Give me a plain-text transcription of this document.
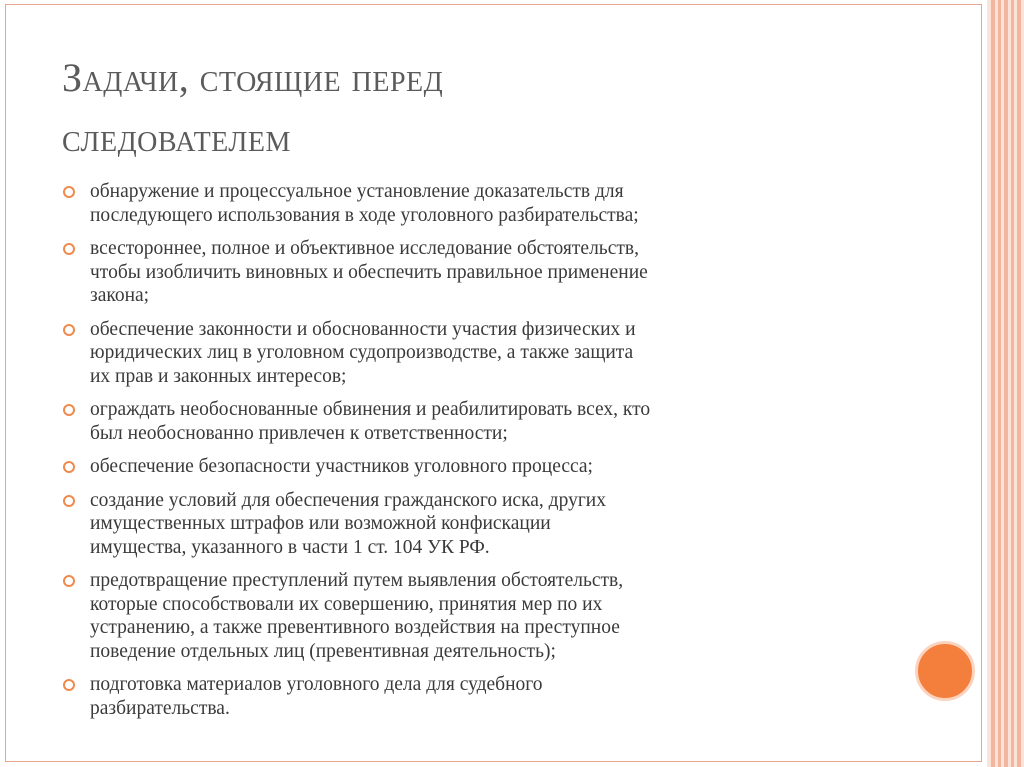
Задачи, стоящие перед
следователем
обнаружение и процессуальное установление доказательств для
последующего использования в ходе уголовного разбирательства;
всестороннее, полное и объективное исследование обстоятельств,
чтобы изобличить виновных и обеспечить правильное применение
закона;
обеспечение законности и обоснованности участия физических и
юридических лиц в уголовном судопроизводстве, а также защита
их прав и законных интересов;
ограждать необоснованные обвинения и реабилитировать всех, кто
был необоснованно привлечен к ответственности;
обеспечение безопасности участников уголовного процесса;
создание условий для обеспечения гражданского иска, других
имущественных штрафов или возможной конфискации
имущества, указанного в части 1 ст. 104 УК РФ.
предотвращение преступлений путем выявления обстоятельств,
которые способствовали их совершению, принятия мер по их
устранению, а также превентивного воздействия на преступное
поведение отдельных лиц (превентивная деятельность);
подготовка материалов уголовного дела для судебного
разбирательства.
